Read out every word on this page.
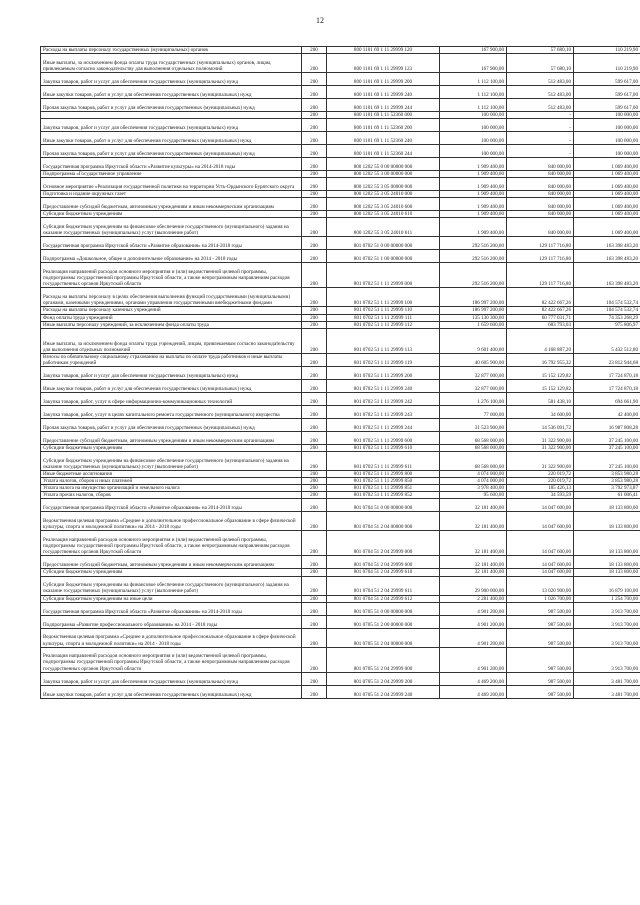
12
Расходы на выплаты персоналу государственных (муниципальных) органов	200	800 1101 69 1 11 29999 120	167 900,00	57 680,10	110 219,90
Иные выплаты, за исключением фонда оплаты труда государственных (муниципальных) органов, лицам, привлекаемым согласно законодательству для выполнения отдельных полномочий	200	800 1101 69 1 11 29999 123	167 900,00	57 680,10	110 219,90
Закупка товаров, работ и услуг для обеспечения государственных (муниципальных) нужд	200	800 1101 69 1 11 29999 200	1 112 100,00	512 483,00	599 617,00
Иные закупки товаров, работ и услуг для обеспечения государственных (муниципальных) нужд	200	800 1101 69 1 11 29999 240	1 112 100,00	512 483,00	599 617,00
Прочая закупка товаров, работ и услуг для обеспечения государственных (муниципальных) нужд	200	800 1101 69 1 11 29999 244	1 112 100,00	512 483,00	599 617,00
	200	800 1101 69 1 11 52360 000	100 000,00	-	100 000,00
Закупка товаров, работ и услуг для обеспечения государственных (муниципальных) нужд	200	800 1101 69 1 11 52360 200	100 000,00	-	100 000,00
Иные закупки товаров, работ и услуг для обеспечения государственных (муниципальных) нужд	200	800 1101 69 1 11 52360 240	100 000,00	-	100 000,00
Прочая закупка товаров, работ и услуг для обеспечения государственных (муниципальных) нужд	200	800 1101 69 1 11 52360 244	100 000,00	-	100 000,00
Государственная программа Иркутской области «Развитие культуры» на 2014-2018 годы	200	800 1202 55 0 00 00000 000	1 909 400,00	840 000,00	1 069 400,00
Подпрограмма «Государственное управление	200	800 1202 55 3 00 00000 000	1 909 400,00	840 000,00	1 069 400,00
Основное мероприятие «Реализация государственной политики на территории Усть-Ордынского Бурятского округа	200	800 1202 55 3 05 00000 000	1 909 400,00	840 000,00	1 069 400,00
Подготовка и издание окружных газет	200	800 1202 55 3 05 24010 000	1 909 400,00	840 000,00	1 069 400,00
Предоставление субсидий бюджетным, автономным учреждениям и иным некоммерческим организациям	200	800 1202 55 3 05 24010 600	1 909 400,00	840 000,00	1 069 400,00
Субсидии бюджетным учреждениям	200	800 1202 55 3 05 24010 610	1 909 400,00	840 000,00	1 069 400,00
Субсидии бюджетным учреждениям на финансовое обеспечение государственного (муниципального) задания на оказание государственных (муниципальных) услуг (выполнение работ)	200	800 1202 55 3 05 24010 611	1 909 400,00	840 000,00	1 069 400,00
Государственная программа Иркутской области «Развитие образования» на 2014-2018 годы	200	801 0702 51 0 00 00000 000	292 516 200,00	129 117 716,80	163 398 483,20
Подпрограмма «Дошкольное, общее и дополнительное образование» на 2014 - 2018 годы	200	801 0702 51 1 00 00000 000	292 516 200,00	129 117 716,80	163 398 483,20
Реализация направлений расходов основного мероприятия и (или) ведомственной целевой программы, подпрограммы государственной программы Иркутской области, а также непрограммным направлениям расходов государственных органов Иркутской области	200	801 0702 51 1 11 29999 000	292 516 200,00	129 117 716,80	163 398 483,20
Расходы на выплаты персоналу в целях обеспечения выполнения функций государственными (муниципальными) органами, казенными учреждениями, органами управления государственными внебюджетными фондами	200	801 0702 51 1 11 29999 100	186 997 200,00	82 422 667,26	104 574 532,74
Расходы на выплаты персоналу казенных учреждений	200	801 0702 51 1 11 29999 110	186 997 200,00	82 422 667,26	104 574 532,74
Фонд оплаты труда учреждений	200	801 0702 51 1 11 29999 111	135 130 300,00	60 777 031,71	74 353 268,29
Иные выплаты персоналу учреждений, за исключением фонда оплаты труда	200	801 0702 51 1 11 29999 112	1 659 600,00	683 793,03	975 806,97
Иные выплаты, за исключением фонда оплаты труда учреждений, лицам, привлекаемым согласно законодательству для выполнения отдельных полномочий	200	801 0702 51 1 11 29999 113	9 601 400,00	4 168 887,20	5 432 512,80
Взносы по обязательному социальному страхованию на выплаты по оплате труда работников и иные выплаты работникам учреждений	200	801 0702 51 1 11 29999 119	40 605 900,00	16 792 955,32	23 812 944,68
Закупка товаров, работ и услуг для обеспечения государственных (муниципальных) нужд	200	801 0702 51 1 11 29999 200	32 877 000,00	15 152 129,82	17 724 870,18
Иные закупки товаров, работ и услуг для обеспечения государственных (муниципальных) нужд	200	801 0702 51 1 11 29999 240	32 877 000,00	15 152 129,82	17 724 870,18
Закупка товаров, работ, услуг в сфере информационно-коммуникационных технологий	200	801 0702 51 1 11 29999 242	1 276 100,00	581 438,10	694 661,90
Закупка товаров, работ, услуг в целях капитального ремонта государственного (муниципального) имущества	200	801 0702 51 1 11 29999 243	77 000,00	34 600,00	42 400,00
Прочая закупка товаров, работ и услуг для обеспечения государственных (муниципальных) нужд	200	801 0702 51 1 11 29999 244	31 523 900,00	14 536 091,72	16 987 808,28
Предоставление субсидий бюджетным, автономным учреждениям и иным некоммерческим организациям	200	801 0702 51 1 11 29999 600	68 568 000,00	31 322 900,00	37 245 100,00
Субсидии бюджетным учреждениям	200	801 0702 51 1 11 29999 610	68 568 000,00	31 322 900,00	37 245 100,00
Субсидии бюджетным учреждениям на финансовое обеспечение государственного (муниципального) задания на оказание государственных (муниципальных) услуг (выполнение работ)	200	801 0702 51 1 11 29999 611	68 568 000,00	31 322 900,00	37 245 100,00
Иные бюджетные ассигнования	200	801 0702 51 1 11 29999 800	4 074 000,00	220 019,72	3 853 980,28
Уплата налогов, сборов и иных платежей	200	801 0702 51 1 11 29999 850	4 074 000,00	220 019,72	3 853 980,28
Уплата налога на имущество организаций и земельного налога	200	801 0702 51 1 11 29999 851	3 978 400,00	185 426,13	3 792 973,87
Уплата прочих налогов, сборов	200	801 0702 51 1 11 29999 852	95 600,00	34 593,59	61 006,41
Государственная программа Иркутской области «Развитие образования» на 2014-2018 годы	200	801 0704 51 0 00 00000 000	32 181 400,00	14 047 600,00	18 133 800,00
Ведомственная целевая программа «Среднее и дополнительное профессиональное образование в сфере физической культуры, спорта и молодежной политики» на 2014 - 2018 годы	200	801 0704 51 2 04 00000 000	32 181 400,00	14 047 600,00	18 133 800,00
Реализация направлений расходов основного мероприятия и (или) ведомственной целевой программы, подпрограммы государственной программы Иркутской области, а также непрограммным направлениям расходов государственных органов Иркутской области	200	801 0704 51 2 04 29999 000	32 181 400,00	14 047 600,00	18 133 800,00
Предоставление субсидий бюджетным, автономным учреждениям и иным некоммерческим организациям	200	801 0704 51 2 04 29999 600	32 181 400,00	14 047 600,00	18 133 800,00
Субсидии бюджетным учреждениям	200	801 0704 51 2 04 29999 610	32 181 400,00	14 047 600,00	18 133 800,00
Субсидии бюджетным учреждениям на финансовое обеспечение государственного (муниципального) задания на оказание государственных (муниципальных) услуг (выполнение работ)	200	801 0704 51 2 04 29999 611	29 900 000,00	13 020 900,00	16 879 100,00
Субсидии бюджетным учреждениям на иные цели	200	801 0704 51 2 04 29999 612	2 281 400,00	1 026 700,00	1 254 700,00
Государственная программа Иркутской области «Развитие образования» на 2014-2018 годы	200	801 0705 51 0 00 00000 000	4 901 200,00	987 500,00	3 913 700,00
Подпрограмма «Развитие профессионального образования» на 2014 - 2018 годы	200	801 0705 51 2 00 00000 000	4 901 200,00	987 500,00	3 913 700,00
Ведомственная целевая программа «Среднее и дополнительное профессиональное образование в сфере физической культуры, спорта и молодежной политики» на 2014 - 2018 годы	200	801 0705 51 2 04 00000 000	4 901 200,00	987 500,00	3 913 700,00
Реализация направлений расходов основного мероприятия и (или) ведомственной целевой программы, подпрограммы государственной программы Иркутской области, а также непрограммным направлениям расходов государственных органов Иркутской области	200	801 0705 51 2 04 29999 000	4 901 200,00	987 500,00	3 913 700,00
Закупка товаров, работ и услуг для обеспечения государственных (муниципальных) нужд	200	801 0705 51 2 04 29999 200	4 469 200,00	987 500,00	3 481 700,00
Иные закупки товаров, работ и услуг для обеспечения государственных (муниципальных) нужд	200	801 0705 51 2 04 29999 240	4 469 200,00	987 500,00	3 481 700,00
